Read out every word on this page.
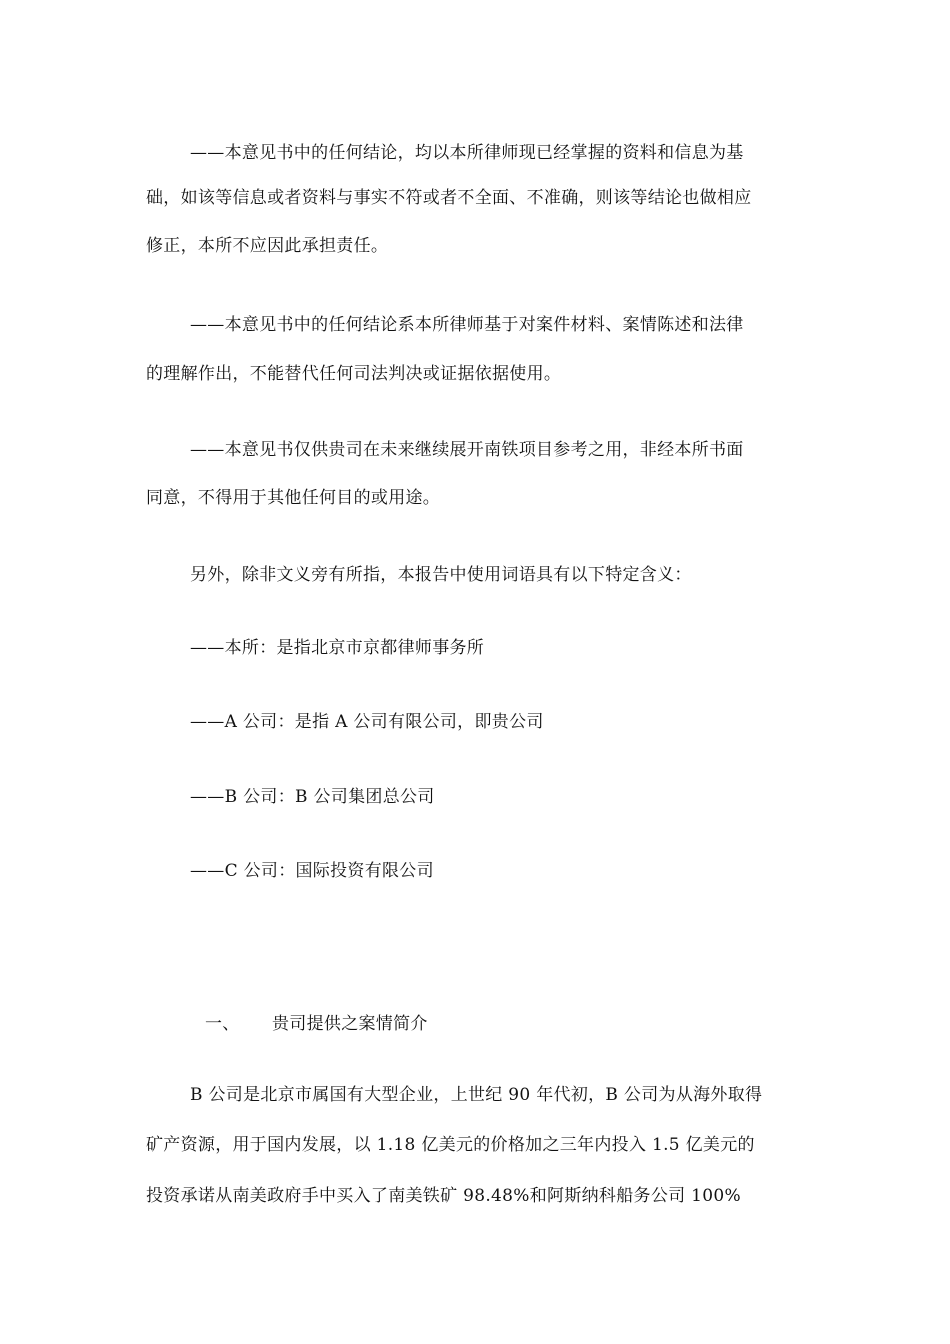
——本意见书中的任何结论，均以本所律师现已经掌握的资料和信息为基
础，如该等信息或者资料与事实不符或者不全面、不准确，则该等结论也做相应
修正，本所不应因此承担责任。
——本意见书中的任何结论系本所律师基于对案件材料、案情陈述和法律
的理解作出，不能替代任何司法判决或证据依据使用。
——本意见书仅供贵司在未来继续展开南铁项目参考之用，非经本所书面
同意，不得用于其他任何目的或用途。
另外，除非文义旁有所指，本报告中使用词语具有以下特定含义：
——本所：是指北京市京都律师事务所
——A 公司：是指 A 公司有限公司，即贵公司
——B 公司：B 公司集团总公司
——C 公司：国际投资有限公司
一、 贵司提供之案情简介
B 公司是北京市属国有大型企业，上世纪 90 年代初，B 公司为从海外取得
矿产资源，用于国内发展，以 1.18 亿美元的价格加之三年内投入 1.5 亿美元的
投资承诺从南美政府手中买入了南美铁矿 98.48%和阿斯纳科船务公司 100%
